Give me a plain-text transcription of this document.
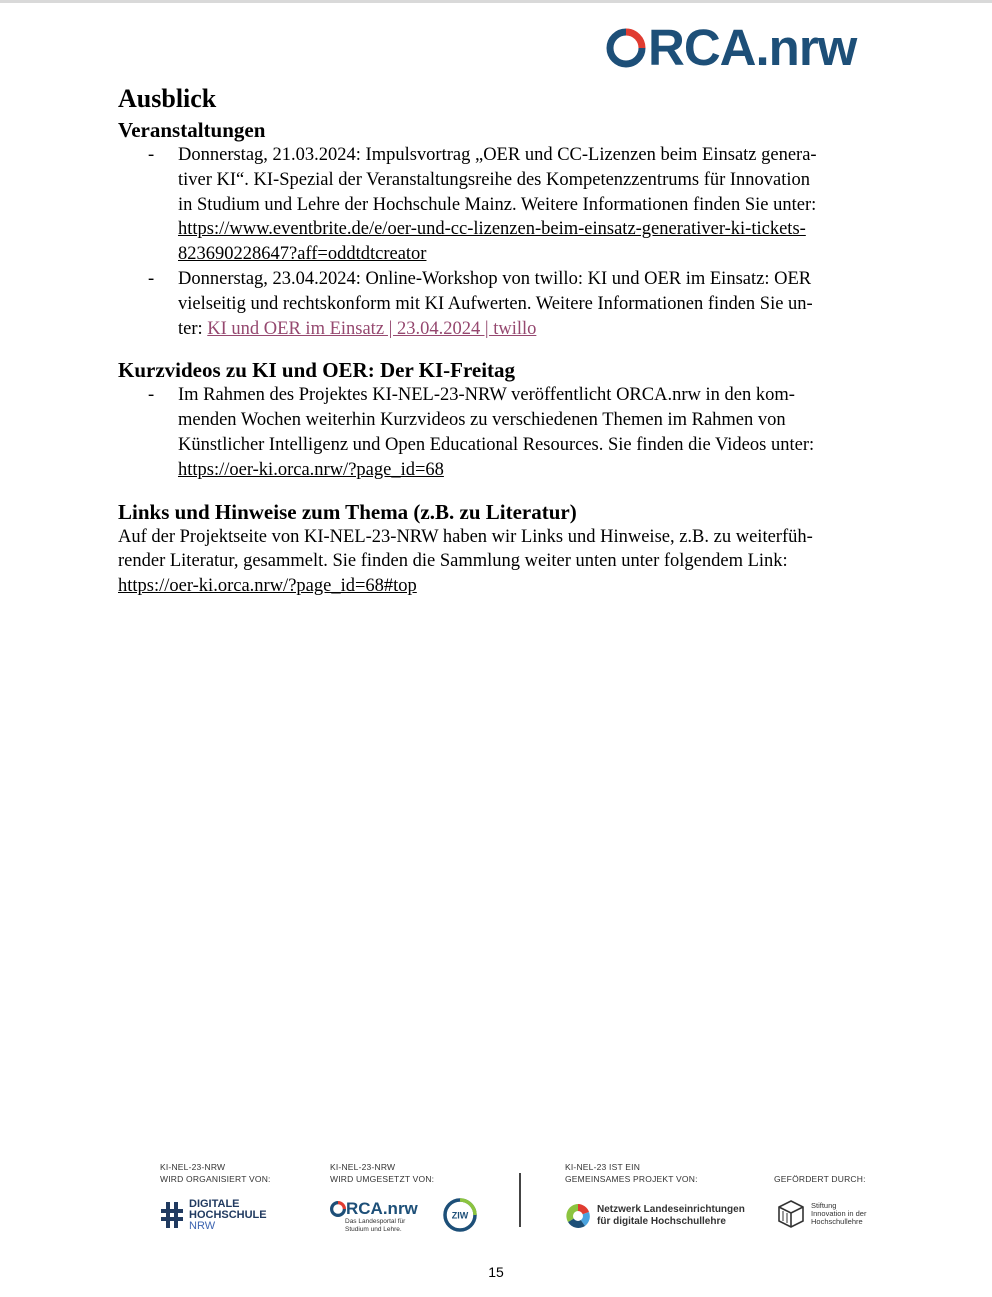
RCA.nrw
Ausblick
Veranstaltungen
- Donnerstag, 21.03.2024: Impulsvortrag „OER und CC-Lizenzen beim Einsatz genera-
tiver KI“. KI-Spezial der Veranstaltungsreihe des Kompetenzzentrums für Innovation
in Studium und Lehre der Hochschule Mainz. Weitere Informationen finden Sie unter:
https://www.eventbrite.de/e/oer-und-cc-lizenzen-beim-einsatz-generativer-ki-tickets-
823690228647?aff=oddtdtcreator
- Donnerstag, 23.04.2024: Online-Workshop von twillo: KI und OER im Einsatz: OER
vielseitig und rechtskonform mit KI Aufwerten. Weitere Informationen finden Sie un-
ter: KI und OER im Einsatz | 23.04.2024 | twillo
Kurzvideos zu KI und OER: Der KI-Freitag
- Im Rahmen des Projektes KI-NEL-23-NRW veröffentlicht ORCA.nrw in den kom-
menden Wochen weiterhin Kurzvideos zu verschiedenen Themen im Rahmen von
Künstlicher Intelligenz und Open Educational Resources. Sie finden die Videos unter:
https://oer-ki.orca.nrw/?page_id=68
Links und Hinweise zum Thema (z.B. zu Literatur)

Auf der Projektseite von KI-NEL-23-NRW haben wir Links und Hinweise, z.B. zu weiterfüh-
render Literatur, gesammelt. Sie finden die Sammlung weiter unten unter folgendem Link:
https://oer-ki.orca.nrw/?page_id=68#top

KI-NEL-23-NRW
WIRD ORGANISIERT VON:
KI-NEL-23-NRW
WIRD UMGESETZT VON:
KI-NEL-23 IST EIN
GEMEINSAMES PROJEKT VON:	GEFÖRDERT DURCH:
DIGITALE
HOCHSCHULE
NRW
RCA.nrw
Das Landesportal für
Studium und Lehre.
ZIW
Netzwerk Landeseinrichtungen
für digitale Hochschullehre
Stiftung
Innovation in der
Hochschullehre
15
